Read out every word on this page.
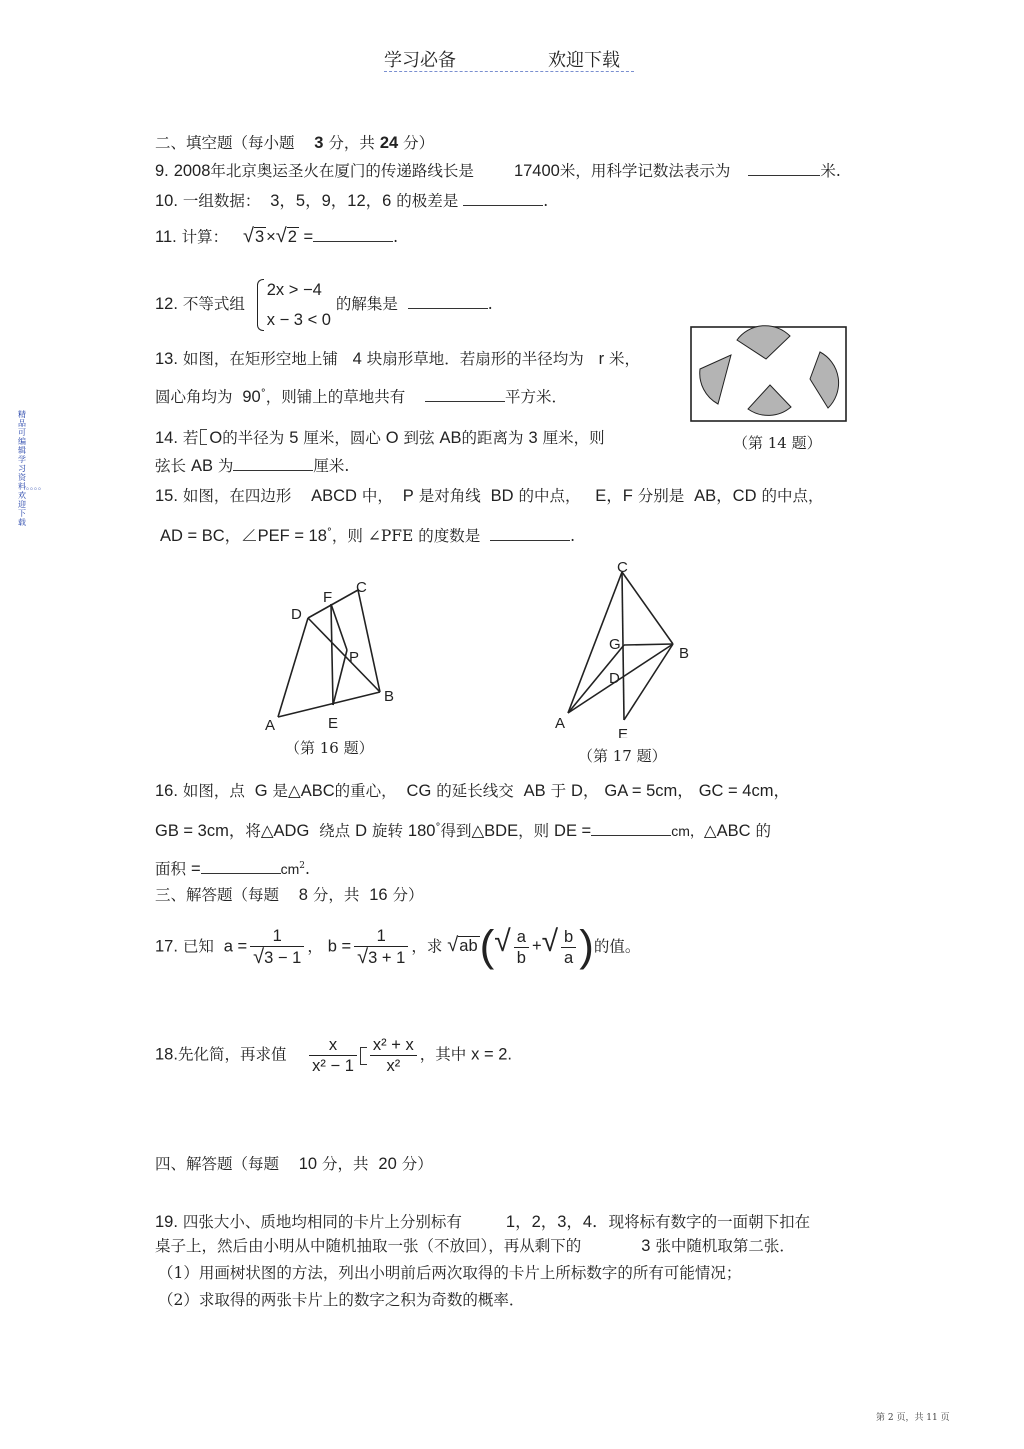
学习必备	欢迎下载
精品可编辑学习资料。。。。欢迎下载
二、填空题（每小题 3 分，共 24 分）
9. 2008年北京奥运圣火在厦门的传递路线长是 17400米，用科学记数法表示为	米.
10. 一组数据： 3，5，9，12，6 的极差是	.
11. 计算： √3 ×√2 =	.
12. 不等式组
2x > −4
x − 3 < 0
的解集是	.
13. 如图，在矩形空地上铺 4 块扇形草地．若扇形的半径均为 r 米，
圆心角均为 90°，则铺上的草地共有	平方米．
（第 14 题）
14. 若 O的半径为 5 厘米，圆心 O 到弦 AB的距离为 3 厘米，则
弦长 AB 为	厘米.
15. 如图，在四边形 ABCD 中， P 是对角线 BD 的中点， E，F 分别是 AB，CD 的中点，
AD = BC，∠PEF = 18°，则 ∠PFE 的度数是	.
A
B
C
D
E
F
P
（第 16 题）
C
G
B
D
A
E
（第 17 题）
16. 如图，点 G 是△ABC的重心， CG 的延长线交 AB 于 D， GA = 5cm， GC = 4cm，
GB = 3cm，将△ADG 绕点 D 旋转 180°得到△BDE，则 DE =	cm，△ABC 的
面积 =	$cm^2$.
三、解答题（每题 8 分，共 16 分）
17. 已知 $a = \frac{1}{√3 - 1}$ ， $b = \frac{1}{√3 + 1}$ ，求 $√ab(√ \frac{a}{b}$ +√ $\frac{b}{a}$ )的值。
18.先化简，再求值 $\frac{x}{\text{x² − 1}} \frac{\text{x² + x}}{\text{x²}}$ ，其中 x = 2.
四、解答题（每题 10 分，共 20 分）
19. 四张大小、质地均相同的卡片上分别标有	1，2，3，4．现将标有数字的一面朝下扣在
桌子上，然后由小明从中随机抽取一张（不放回），再从剩下的	3 张中随机取第二张．
（1）用画树状图的方法，列出小明前后两次取得的卡片上所标数字的所有可能情况；
（2）求取得的两张卡片上的数字之积为奇数的概率．
第 2 页，共 11 页
